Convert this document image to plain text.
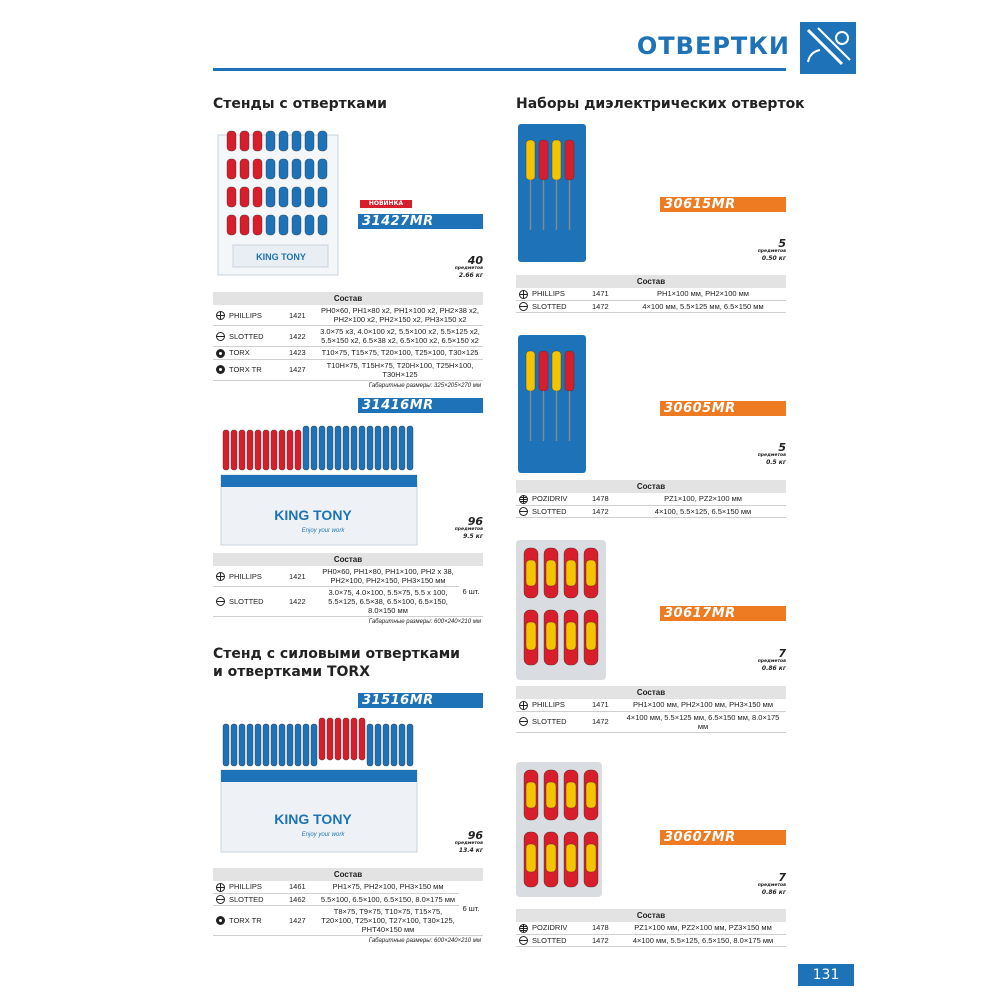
ОТВЕРТКИ
Стенды с отвертками
KING TONY
НОВИНКА
31427MR
40
предметов
2.66 кг
Состав			
	PHILLIPS	1421	PH0×60, PH1×80 x2, PH1×100 x2, PH2×38 x2, PH2×100 x2, PH2×150 x2, PH3×150 x2
	SLOTTED	1422	3.0×75 x3, 4.0×100 x2, 5.5×100 x2, 5.5×125 x2, 5.5×150 x2, 6.5×38 x2, 6.5×100 x2, 6.5×150 x2
	TORX	1423	T10×75, T15×75, T20×100, T25×100, T30×125
	TORX TR	1427	T10H×75, T15H×75, T20H×100, T25H×100, T30H×125
Габаритные размеры: 325×205×270 мм			
31416MR
KING TONY
Enjoy your work
96
предметов
9.5 кг
Состав				
	PHILLIPS	1421	PH0×60, PH1×80, PH1×100, PH2 x 38, PH2×100, PH2×150, PH3×150 мм	6 шт.
	SLOTTED	1422	3.0×75, 4.0×100, 5.5×75, 5.5 x 100, 5.5×125, 6.5×38, 6.5×100, 6.5×150, 8.0×150 мм	
Габаритные размеры: 600×240×210 мм				
Стенд с силовыми отвертками
и отвертками TORX
31516MR
KING TONY
Enjoy your work	96
предметов
13.4 кг
Состав				
	PHILLIPS	1461	PH1×75, PH2×100, PH3×150 мм	6 шт.
	SLOTTED	1462	5.5×100, 6.5×100, 6.5×150, 8.0×175 мм	
	TORX TR	1427	T8×75, T9×75, T10×75, T15×75, T20×100, T25×100, T27×100, T30×125, PHT40×150 мм	
Габаритные размеры: 600×240×210 мм				
Наборы диэлектрических отверток
30615MR
5
предметов
0.50 кг
Состав			
	PHILLIPS	1471	PH1×100 мм, PH2×100 мм
	SLOTTED	1472	4×100 мм, 5.5×125 мм, 6.5×150 мм
30605MR
5
предметов
0.5 кг
Состав			
	POZIDRIV	1478	PZ1×100, PZ2×100 мм
	SLOTTED	1472	4×100, 5.5×125, 6.5×150 мм
30617MR
7
предметов
0.86 кг
Состав			
	PHILLIPS	1471	PH1×100 мм, PH2×100 мм, PH3×150 мм
	SLOTTED	1472	4×100 мм, 5.5×125 мм, 6.5×150 мм, 8.0×175 мм
30607MR
7
предметов
0.86 кг
Состав			
	POZIDRIV	1478	PZ1×100 мм, PZ2×100 мм, PZ3×150 мм
	SLOTTED	1472	4×100 мм, 5.5×125, 6.5×150, 8.0×175 мм
131
